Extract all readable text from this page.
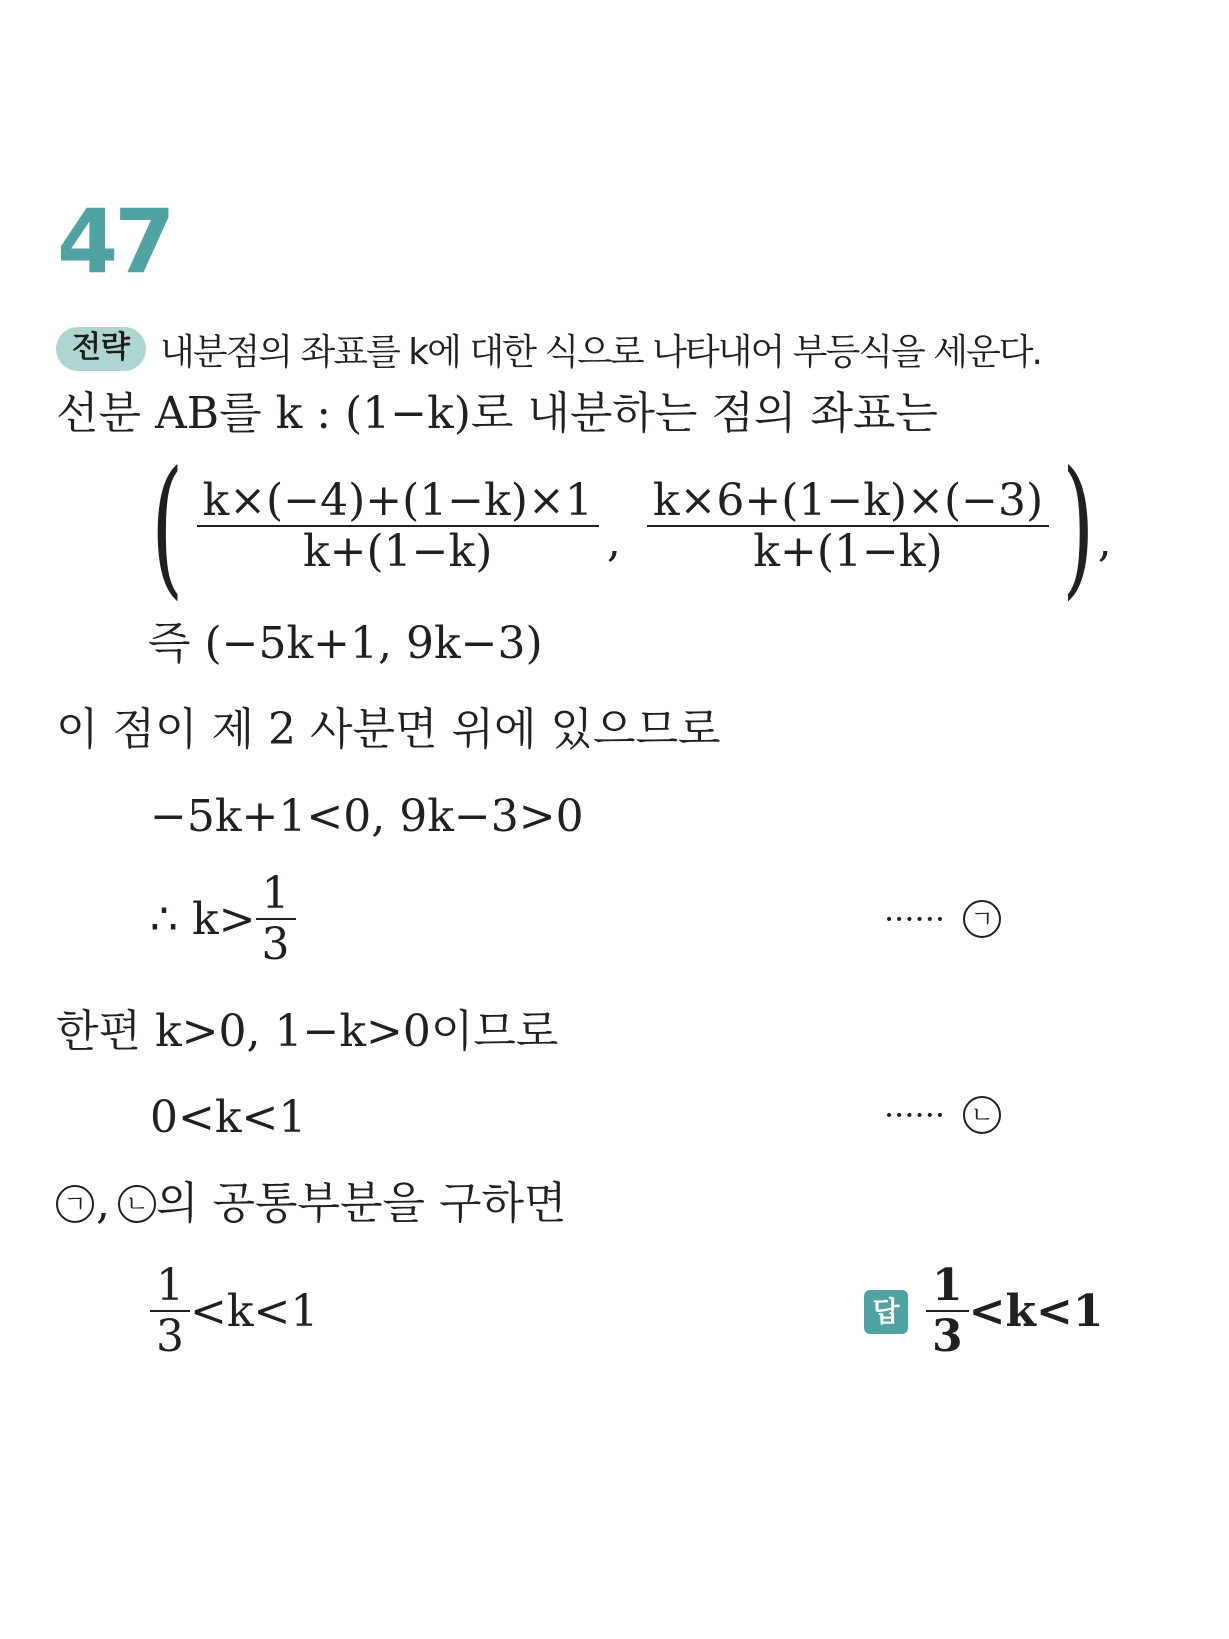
47
전략 내분점의 좌표를 k에 대한 식으로 나타내어 부등식을 세운다.
선분 AB를 k : (1−k)로 내분하는 점의 좌표는
( $\frac{k\times(-4)+(1-k)\times 1}{k+(1-k)}$ , $\frac{k\times 6+(1-k)\times(-3)}{k+(1-k)}$ ) ,
즉 (−5k+1, 9k−3)
이 점이 제 2 사분면 위에 있으므로
−5k+1<0, 9k−3>0
∴ $k> \frac{1}{3}$	······	ㄱ
한편 k>0, 1−k>0이므로
0<k<1	······	ㄴ
ㄱ , ㄴ 의 공통부분을 구하면
$\frac{1}{3} <k<1$	답 $\frac{1}{3} <k<1$
